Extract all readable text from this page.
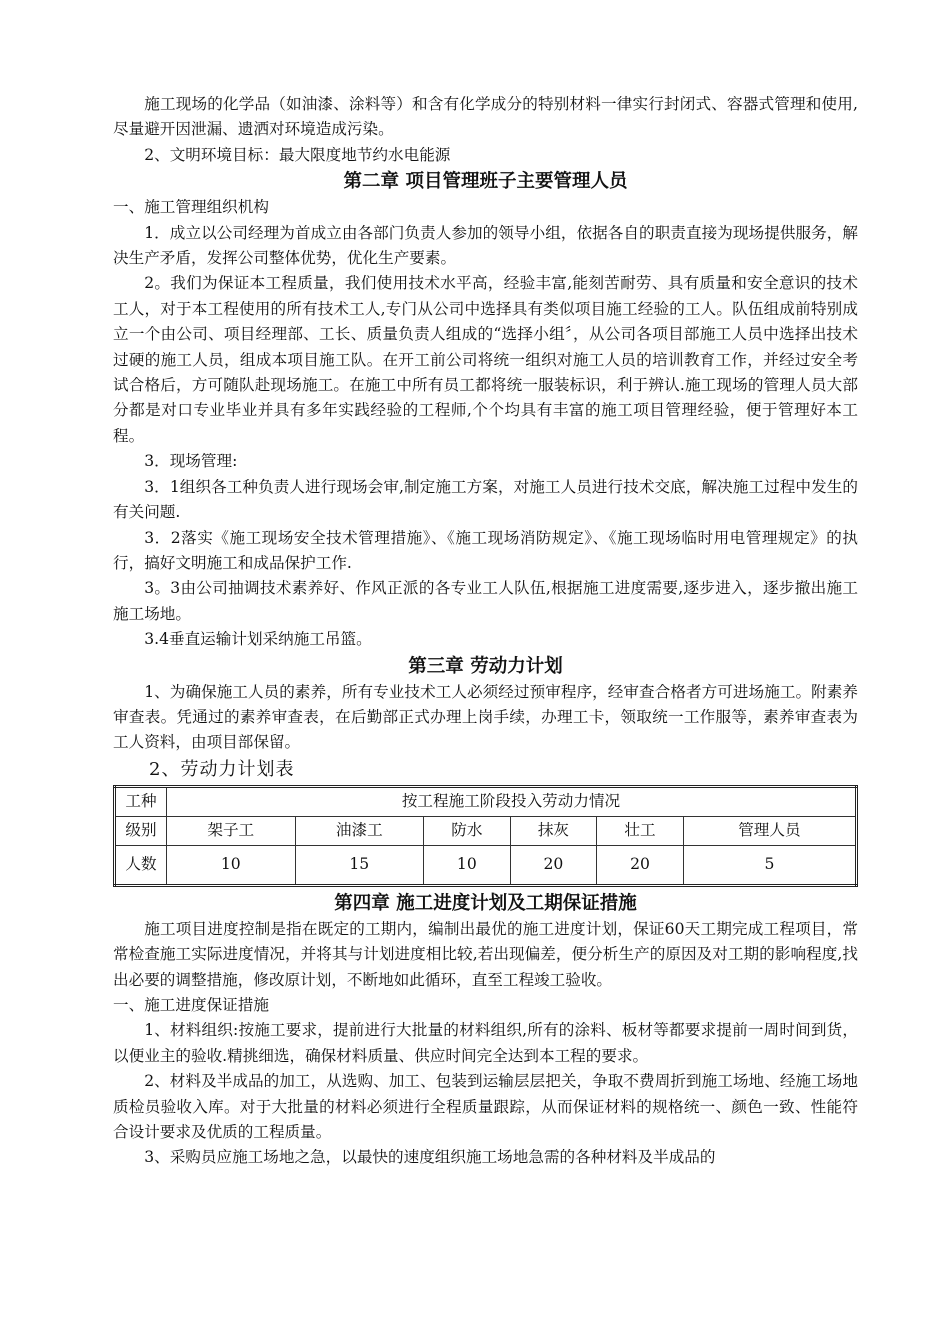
施工现场的化学品（如油漆、涂料等）和含有化学成分的特别材料一律实行封闭式、容器式管理和使用,尽量避开因泄漏、遗洒对环境造成污染。

2、文明环境目标：最大限度地节约水电能源

第二章 项目管理班子主要管理人员

一、施工管理组织机构

1．成立以公司经理为首成立由各部门负责人参加的领导小组，依据各自的职责直接为现场提供服务，解决生产矛盾，发挥公司整体优势，优化生产要素。

2。我们为保证本工程质量，我们使用技术水平高，经验丰富,能刻苦耐劳、具有质量和安全意识的技术工人，对于本工程使用的所有技术工人,专门从公司中选择具有类似项目施工经验的工人。队伍组成前特别成立一个由公司、项目经理部、工长、质量负责人组成的“选择小组〞，从公司各项目部施工人员中选择出技术过硬的施工人员，组成本项目施工队。在开工前公司将统一组织对施工人员的培训教育工作，并经过安全考试合格后，方可随队赴现场施工。在施工中所有员工都将统一服装标识，利于辨认.施工现场的管理人员大部分都是对口专业毕业并具有多年实践经验的工程师,个个均具有丰富的施工项目管理经验，便于管理好本工程。

3．现场管理:

3．1组织各工种负责人进行现场会审,制定施工方案，对施工人员进行技术交底，解决施工过程中发生的有关问题.

3．2落实《施工现场安全技术管理措施》、《施工现场消防规定》、《施工现场临时用电管理规定》的执行，搞好文明施工和成品保护工作.

3。3由公司抽调技术素养好、作风正派的各专业工人队伍,根据施工进度需要,逐步进入，逐步撤出施工施工场地。

3.4垂直运输计划采纳施工吊篮。

第三章 劳动力计划

1、为确保施工人员的素养，所有专业技术工人必须经过预审程序，经审查合格者方可进场施工。附素养审查表。凭通过的素养审查表，在后勤部正式办理上岗手续，办理工卡，领取统一工作服等，素养审查表为工人资料，由项目部保留。

2、劳动力计划表

工种	按工程施工阶段投入劳动力情况					
级别	架子工	油漆工	防水	抹灰	壮工	管理人员
人数	10	15	10	20	20	5
第四章 施工进度计划及工期保证措施

施工项目进度控制是指在既定的工期内，编制出最优的施工进度计划，保证60天工期完成工程项目，常常检查施工实际进度情况，并将其与计划进度相比较,若出现偏差，便分析生产的原因及对工期的影响程度,找出必要的调整措施，修改原计划，不断地如此循环，直至工程竣工验收。

一、施工进度保证措施

1、材料组织:按施工要求，提前进行大批量的材料组织,所有的涂料、板材等都要求提前一周时间到货，以便业主的验收.精挑细选，确保材料质量、供应时间完全达到本工程的要求。

2、材料及半成品的加工，从选购、加工、包装到运输层层把关，争取不费周折到施工场地、经施工场地质检员验收入库。对于大批量的材料必须进行全程质量跟踪，从而保证材料的规格统一、颜色一致、性能符合设计要求及优质的工程质量。

3、采购员应施工场地之急，以最快的速度组织施工场地急需的各种材料及半成品的
